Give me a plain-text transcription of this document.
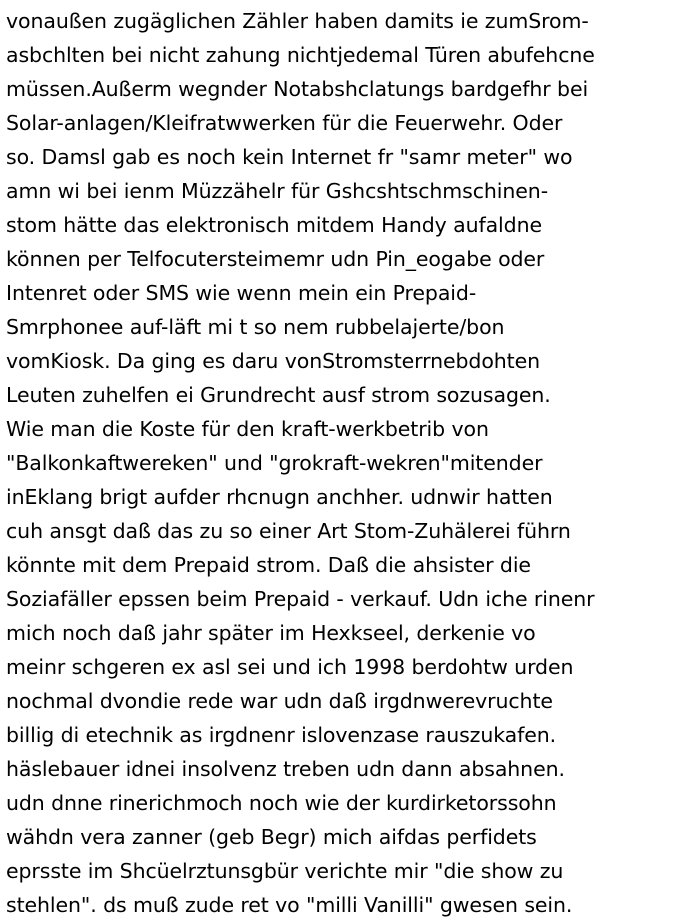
vonaußen zugäglichen Zähler haben damits ie zumSrom-
asbchlten bei nicht zahung nichtjedemal Türen abufehcne
müssen.Außerm wegnder Notabshclatungs bardgefhr bei
Solar-anlagen/Kleifratwwerken für die Feuerwehr. Oder
so. Damsl gab es noch kein Internet fr "samr meter" wo
amn wi bei ienm Müzzähelr für Gshcshtschmschinen-
stom hätte das elektronisch mitdem Handy aufaldne
können per Telfocutersteimemr udn Pin_eogabe oder
Intenret oder SMS wie wenn mein ein Prepaid-
Smrphonee auf-läft mi t so nem rubbelajerte/bon
vomKiosk. Da ging es daru vonStromsterrnebdohten
Leuten zuhelfen ei Grundrecht ausf strom sozusagen.
Wie man die Koste für den kraft-werkbetrib von
"Balkonkaftwereken" und "grokraft-wekren"mitender
inEklang brigt aufder rhcnugn anchher. udnwir hatten
cuh ansgt daß das zu so einer Art Stom-Zuhälerei führn
könnte mit dem Prepaid strom. Daß die ahsister die
Soziafäller epssen beim Prepaid - verkauf. Udn iche rinenr
mich noch daß jahr später im Hexkseel, derkenie vo
meinr schgeren ex asl sei und ich 1998 berdohtw urden
nochmal dvondie rede war udn daß irgdnwerevruchte
billig di etechnik as irgdnenr islovenzase rauszukafen.
häslebauer idnei insolvenz treben udn dann absahnen.
udn dnne rinerichmoch noch wie der kurdirketorssohn
wähdn vera zanner (geb Begr) mich aifdas perfidets
eprsste im Shcüelrztunsgbür verichte mir "die show zu
stehlen". ds muß zude ret vo "milli Vanilli" gwesen sein.
